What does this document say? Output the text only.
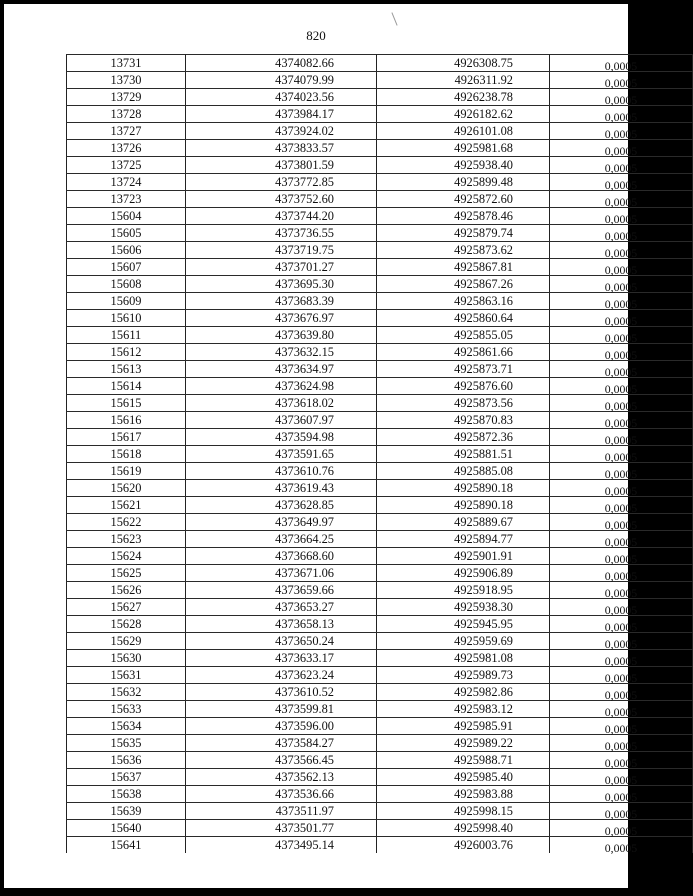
820
13731	4374082.66	4926308.75	0,0005
13730	4374079.99	4926311.92	0,0005
13729	4374023.56	4926238.78	0,0005
13728	4373984.17	4926182.62	0,0005
13727	4373924.02	4926101.08	0,0005
13726	4373833.57	4925981.68	0,0005
13725	4373801.59	4925938.40	0,0005
13724	4373772.85	4925899.48	0,0005
13723	4373752.60	4925872.60	0,0005
15604	4373744.20	4925878.46	0,0005
15605	4373736.55	4925879.74	0,0005
15606	4373719.75	4925873.62	0,0005
15607	4373701.27	4925867.81	0,0005
15608	4373695.30	4925867.26	0,0005
15609	4373683.39	4925863.16	0,0005
15610	4373676.97	4925860.64	0,0005
15611	4373639.80	4925855.05	0,0005
15612	4373632.15	4925861.66	0,0005
15613	4373634.97	4925873.71	0,0005
15614	4373624.98	4925876.60	0,0005
15615	4373618.02	4925873.56	0,0005
15616	4373607.97	4925870.83	0,0005
15617	4373594.98	4925872.36	0,0005
15618	4373591.65	4925881.51	0,0005
15619	4373610.76	4925885.08	0,0005
15620	4373619.43	4925890.18	0,0005
15621	4373628.85	4925890.18	0,0005
15622	4373649.97	4925889.67	0,0005
15623	4373664.25	4925894.77	0,0005
15624	4373668.60	4925901.91	0,0005
15625	4373671.06	4925906.89	0,0005
15626	4373659.66	4925918.95	0,0005
15627	4373653.27	4925938.30	0,0005
15628	4373658.13	4925945.95	0,0005
15629	4373650.24	4925959.69	0,0005
15630	4373633.17	4925981.08	0,0005
15631	4373623.24	4925989.73	0,0005
15632	4373610.52	4925982.86	0,0005
15633	4373599.81	4925983.12	0,0005
15634	4373596.00	4925985.91	0,0005
15635	4373584.27	4925989.22	0,0005
15636	4373566.45	4925988.71	0,0005
15637	4373562.13	4925985.40	0,0005
15638	4373536.66	4925983.88	0,0005
15639	4373511.97	4925998.15	0,0005
15640	4373501.77	4925998.40	0,0005
15641	4373495.14	4926003.76	0,0005
